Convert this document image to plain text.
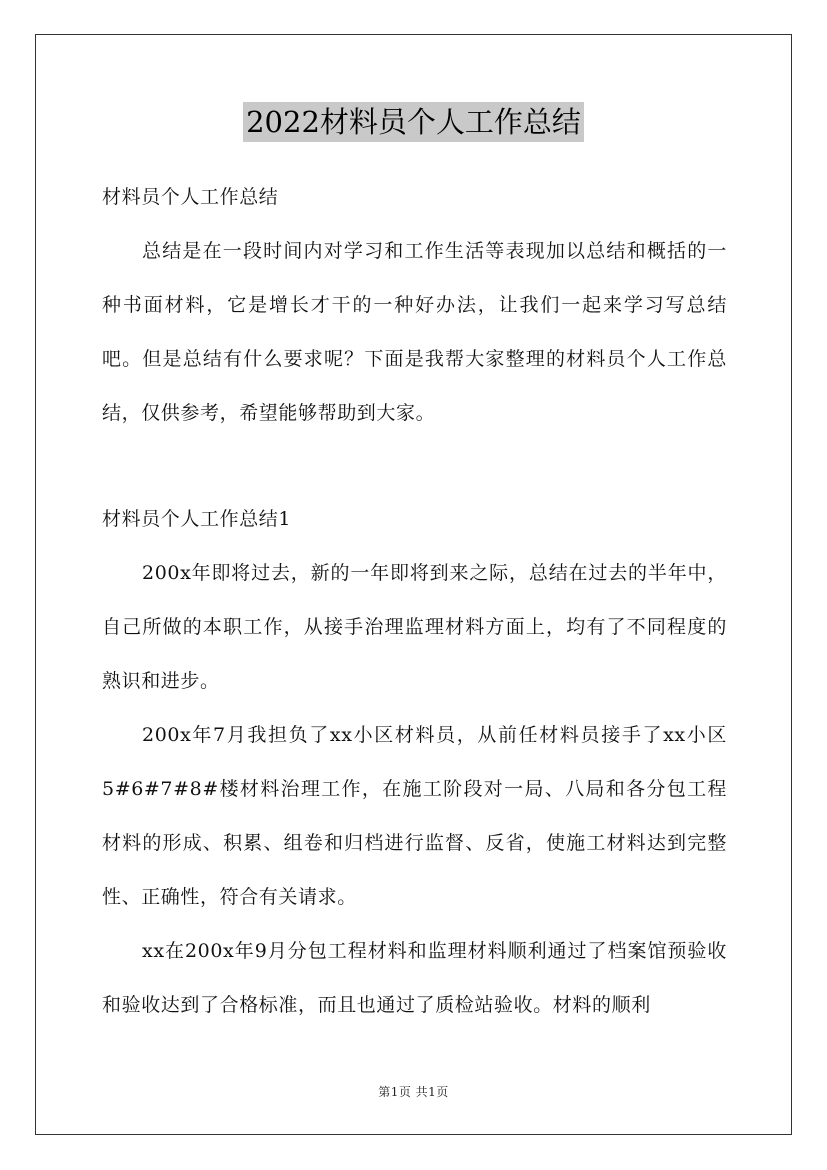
2022材料员个人工作总结

材料员个人工作总结

总结是在一段时间内对学习和工作生活等表现加以总结和概括的一种书面材料，它是增长才干的一种好办法，让我们一起来学习写总结吧。但是总结有什么要求呢？下面是我帮大家整理的材料员个人工作总结，仅供参考，希望能够帮助到大家。

材料员个人工作总结1

200x年即将过去，新的一年即将到来之际，总结在过去的半年中，自己所做的本职工作，从接手治理监理材料方面上，均有了不同程度的熟识和进步。

200x年7月我担负了xx小区材料员，从前任材料员接手了xx小区5#6#7#8#楼材料治理工作，在施工阶段对一局、八局和各分包工程材料的形成、积累、组卷和归档进行监督、反省，使施工材料达到完整性、正确性，符合有关请求。

xx在200x年9月分包工程材料和监理材料顺利通过了档案馆预验收和验收达到了合格标准，而且也通过了质检站验收。材料的顺利

第1页 共1页
